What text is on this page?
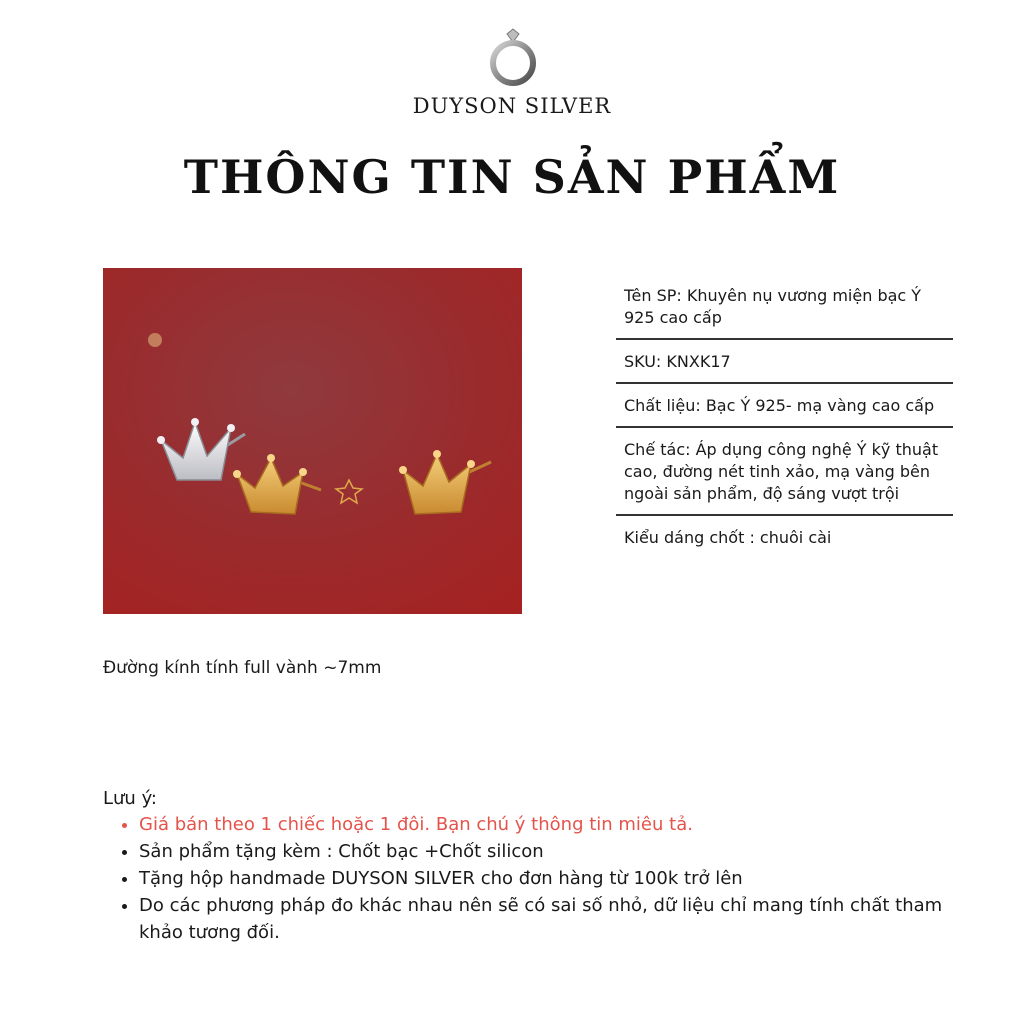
DUYSON SILVER
THÔNG TIN SẢN PHẨM
Tên SP: Khuyên nụ vương miện bạc Ý 925 cao cấp
SKU: KNXK17
Chất liệu: Bạc Ý 925- mạ vàng cao cấp
Chế tác: Áp dụng công nghệ Ý kỹ thuật cao, đường nét tinh xảo, mạ vàng bên ngoài sản phẩm, độ sáng vượt trội
Kiểu dáng chốt : chuôi cài
Đường kính tính full vành ~7mm
Lưu ý:
• Giá bán theo 1 chiếc hoặc 1 đôi. Bạn chú ý thông tin miêu tả.
• Sản phẩm tặng kèm : Chốt bạc +Chốt silicon
• Tặng hộp handmade DUYSON SILVER cho đơn hàng từ 100k trở lên
• Do các phương pháp đo khác nhau nên sẽ có sai số nhỏ, dữ liệu chỉ mang tính chất tham khảo tương đối.
